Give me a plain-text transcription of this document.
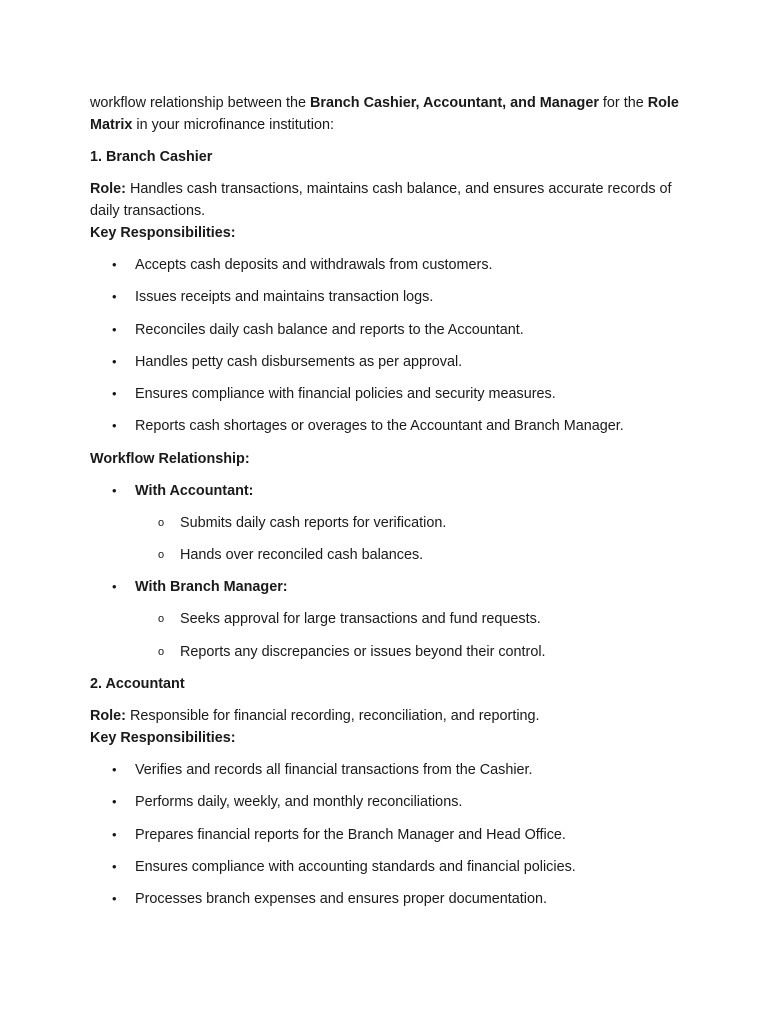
workflow relationship between the Branch Cashier, Accountant, and Manager for the Role Matrix in your microfinance institution:

1. Branch Cashier

Role: Handles cash transactions, maintains cash balance, and ensures accurate records of daily transactions.

Key Responsibilities:

• Accepts cash deposits and withdrawals from customers.
• Issues receipts and maintains transaction logs.
• Reconciles daily cash balance and reports to the Accountant.
• Handles petty cash disbursements as per approval.
• Ensures compliance with financial policies and security measures.
• Reports cash shortages or overages to the Accountant and Branch Manager.

Workflow Relationship:

• With Accountant:
o Submits daily cash reports for verification.
o Hands over reconciled cash balances.
• With Branch Manager:
o Seeks approval for large transactions and fund requests.
o Reports any discrepancies or issues beyond their control.

2. Accountant

Role: Responsible for financial recording, reconciliation, and reporting.

Key Responsibilities:

• Verifies and records all financial transactions from the Cashier.
• Performs daily, weekly, and monthly reconciliations.
• Prepares financial reports for the Branch Manager and Head Office.
• Ensures compliance with accounting standards and financial policies.
• Processes branch expenses and ensures proper documentation.
